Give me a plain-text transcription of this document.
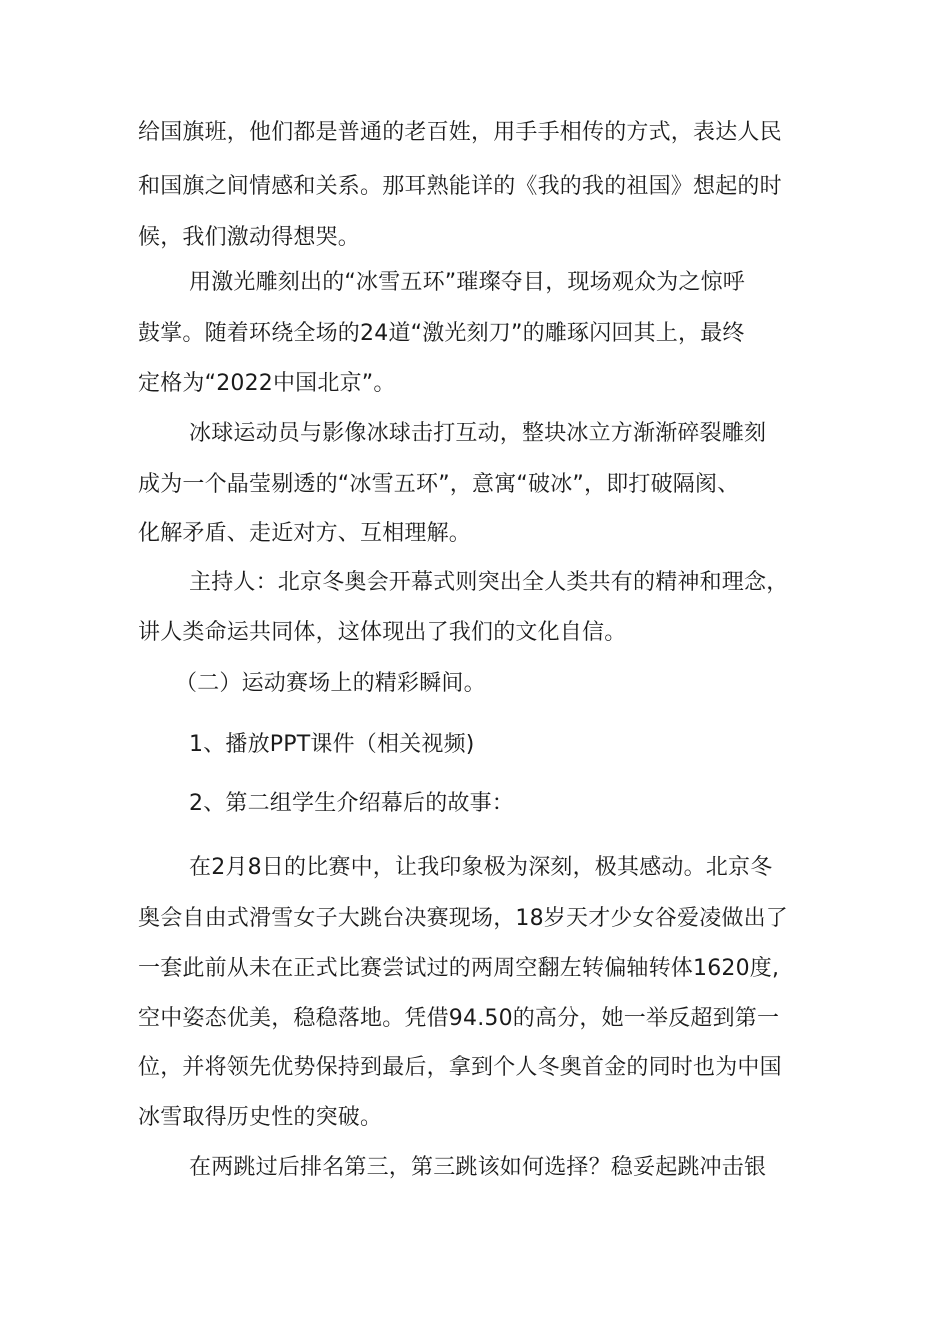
给国旗班，他们都是普通的老百姓，用手手相传的方式，表达人民
和国旗之间情感和关系。那耳熟能详的《我的我的祖国》想起的时
候，我们激动得想哭。
用激光雕刻出的“冰雪五环”璀璨夺目，现场观众为之惊呼
鼓掌。随着环绕全场的24道“激光刻刀”的雕琢闪回其上，最终
定格为“2022中国北京”。
冰球运动员与影像冰球击打互动，整块冰立方渐渐碎裂雕刻
成为一个晶莹剔透的“冰雪五环”，意寓“破冰”，即打破隔阂、
化解矛盾、走近对方、互相理解。
主持人：北京冬奥会开幕式则突出全人类共有的精神和理念，
讲人类命运共同体，这体现出了我们的文化自信。
（二）运动赛场上的精彩瞬间。
1、播放PPT课件（相关视频)
2、第二组学生介绍幕后的故事：
在2月8日的比赛中，让我印象极为深刻，极其感动。北京冬
奥会自由式滑雪女子大跳台决赛现场，18岁天才少女谷爱凌做出了
一套此前从未在正式比赛尝试过的两周空翻左转偏轴转体1620度,
空中姿态优美，稳稳落地。凭借94.50的高分，她一举反超到第一
位，并将领先优势保持到最后，拿到个人冬奥首金的同时也为中国
冰雪取得历史性的突破。
在两跳过后排名第三，第三跳该如何选择？稳妥起跳冲击银
